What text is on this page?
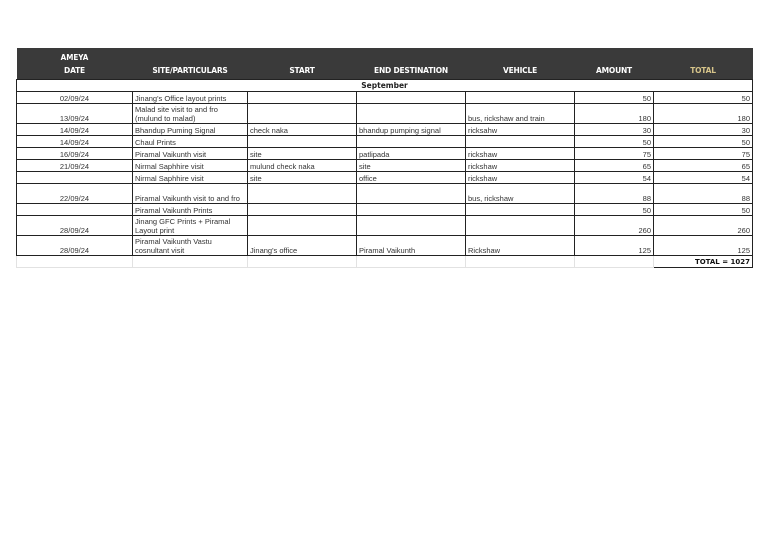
AMEYA						
DATE	SITE/PARTICULARS	START	END DESTINATION	VEHICLE	AMOUNT	TOTAL
September						
02/09/24	Jinang's Office layout prints				50	50
13/09/24	Malad site visit to and fro (mulund to malad)			bus, rickshaw and train	180	180
14/09/24	Bhandup Puming Signal	check naka	bhandup pumping signal	ricksahw	30	30
14/09/24	Chaul Prints				50	50
16/09/24	Piramal Vaikunth visit	site	patlipada	rickshaw	75	75
21/09/24	Nirmal Saphhire visit	mulund check naka	site	rickshaw	65	65
	Nirmal Saphhire visit	site	office	rickshaw	54	54
22/09/24	Piramal Vaikunth visit to and fro			bus, rickshaw	88	88
	Piramal Vaikunth Prints				50	50
28/09/24	Jinang GFC Prints + Piramal Layout print				260	260
28/09/24	Piramal Vaikunth Vastu cosnultant visit	Jinang's office	Piramal Vaikunth	Rickshaw	125	125
						TOTAL = 1027
